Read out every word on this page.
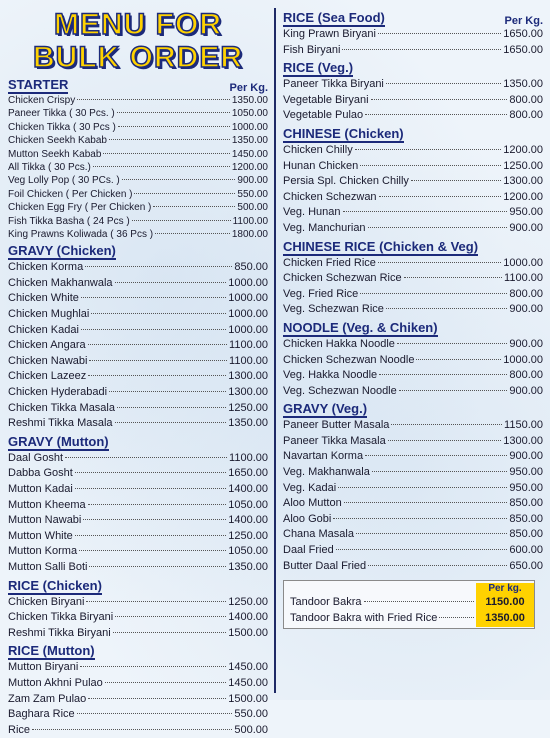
MENU FOR
BULK ORDER
STARTER	Per Kg.
Chicken Crispy	1350.00
Paneer Tikka ( 30 Pcs. )	1050.00
Chicken Tikka ( 30 Pcs )	1000.00
Chicken Seekh Kabab	1350.00
Mutton Seekh Kabab	1450.00
All Tikka ( 30 Pcs.)	1200.00
Veg Lolly Pop ( 30 PCs. )	900.00
Foil Chicken ( Per Chicken )	550.00
Chicken Egg Fry ( Per Chicken )	500.00
Fish Tikka Basha ( 24 Pcs )	1100.00
King Prawns Koliwada ( 36 Pcs )	1800.00
GRAVY (Chicken)
Chicken Korma	850.00
Chicken Makhanwala	1000.00
Chicken White	1000.00
Chicken Mughlai	1000.00
Chicken Kadai	1000.00
Chicken Angara	1100.00
Chicken Nawabi	1100.00
Chicken Lazeez	1300.00
Chicken Hyderabadi	1300.00
Chicken Tikka Masala	1250.00
Reshmi Tikka Masala	1350.00
GRAVY (Mutton)
Daal Gosht	1100.00
Dabba Gosht	1650.00
Mutton Kadai	1400.00
Mutton Kheema	1050.00
Mutton Nawabi	1400.00
Mutton White	1250.00
Mutton Korma	1050.00
Mutton Salli Boti	1350.00
RICE (Chicken)
Chicken Biryani	1250.00
Chicken Tikka Biryani	1400.00
Reshmi Tikka Biryani	1500.00
RICE (Mutton)
Mutton Biryani	1450.00
Mutton Akhni Pulao	1450.00
Zam Zam Pulao	1500.00
Baghara Rice	550.00
Rice	500.00
RICE (Sea Food)	Per Kg.
King Prawn Biryani	1650.00
Fish Biryani	1650.00
RICE (Veg.)
Paneer Tikka Biryani	1350.00
Vegetable Biryani	800.00
Vegetable Pulao	800.00
CHINESE (Chicken)
Chicken Chilly	1200.00
Hunan Chicken	1250.00
Persia Spl. Chicken Chilly	1300.00
Chicken Schezwan	1200.00
Veg. Hunan	950.00
Veg. Manchurian	900.00
CHINESE RICE (Chicken & Veg)
Chicken Fried Rice	1000.00
Chicken Schezwan Rice	1100.00
Veg. Fried Rice	800.00
Veg. Schezwan Rice	900.00
NOODLE (Veg. & Chiken)
Chicken Hakka Noodle	900.00
Chicken Schezwan Noodle	1000.00
Veg. Hakka Noodle	800.00
Veg. Schezwan Noodle	900.00
GRAVY (Veg.)
Paneer Butter Masala	1150.00
Paneer Tikka Masala	1300.00
Navartan Korma	900.00
Veg. Makhanwala	950.00
Veg. Kadai	950.00
Aloo Mutton	850.00
Aloo Gobi	850.00
Chana Masala	850.00
Daal Fried	600.00
Butter Daal Fried	650.00
Per kg.
Tandoor Bakra	1150.00
Tandoor Bakra with Fried Rice	1350.00
